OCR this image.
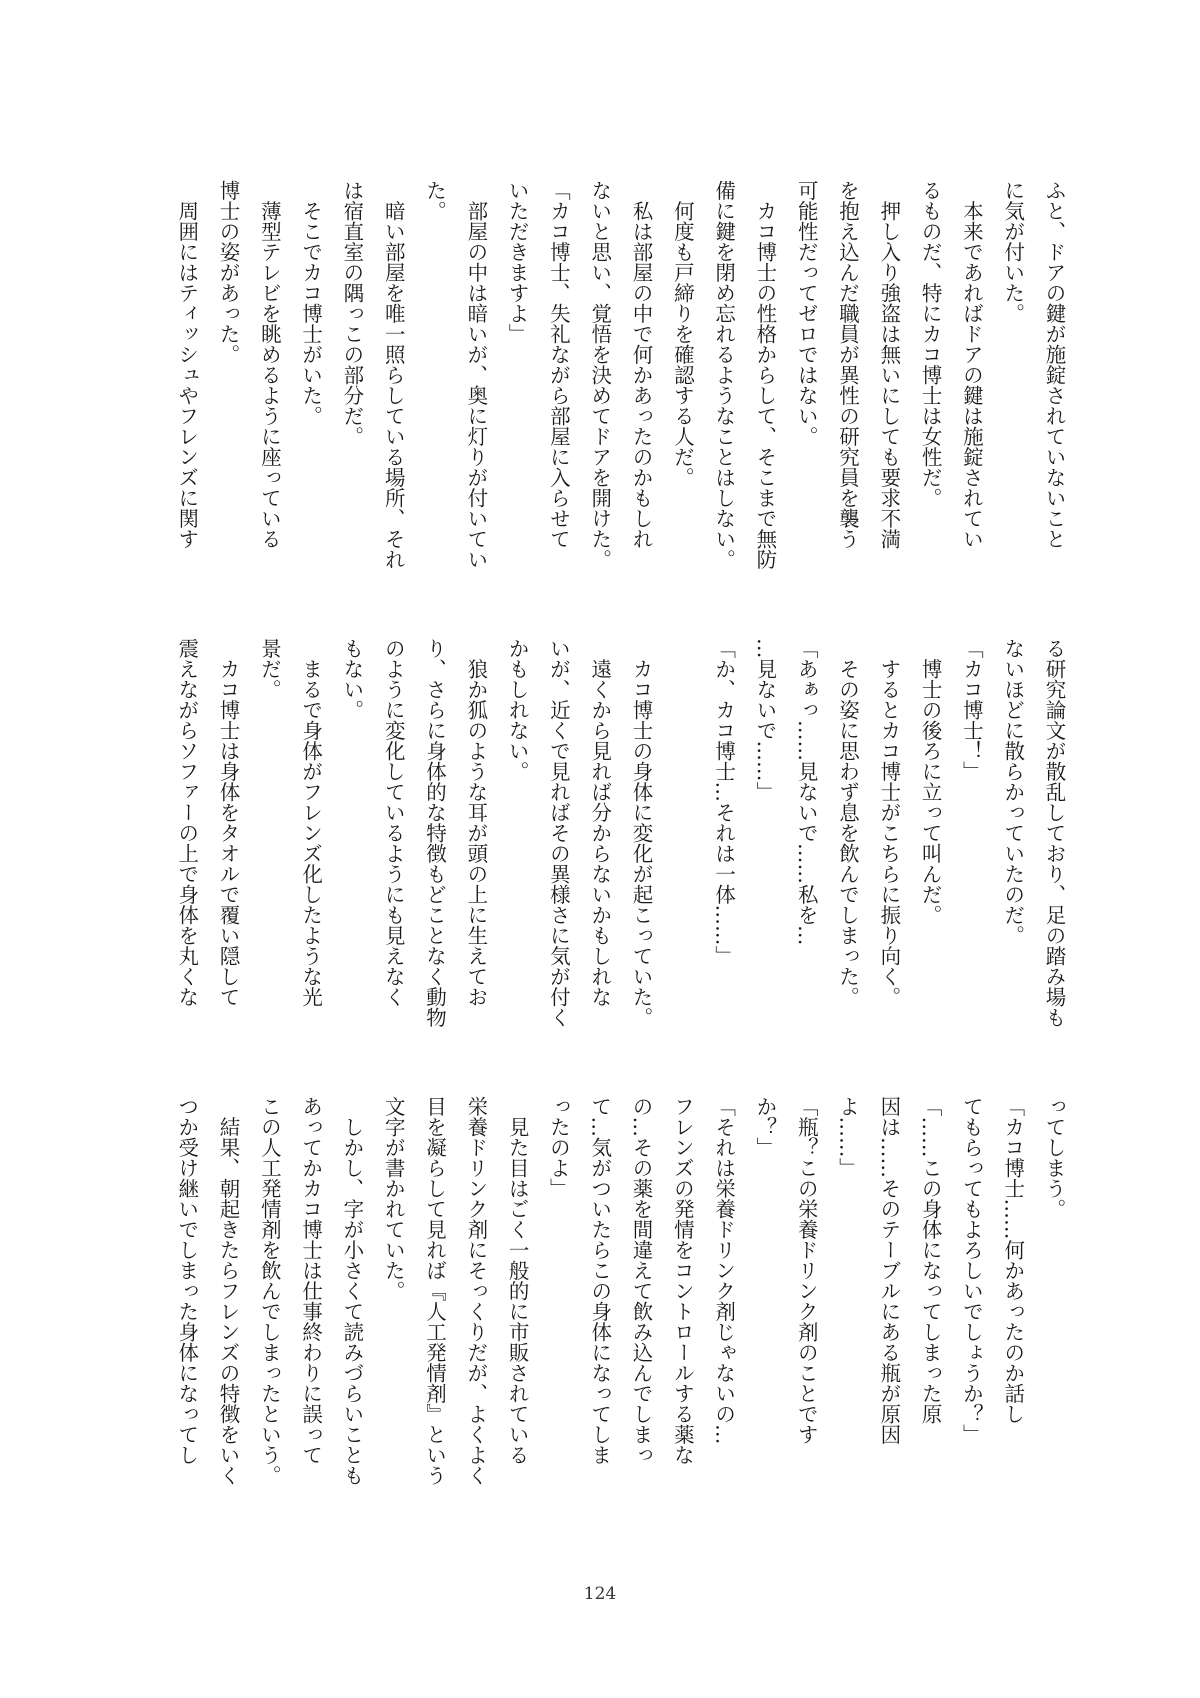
ふと、ドアの鍵が施錠されていないこと
に気が付いた。
　本来であればドアの鍵は施錠されてい
るものだ、特にカコ博士は女性だ。
　押し入り強盗は無いにしても要求不満
を抱え込んだ職員が異性の研究員を襲う
可能性だってゼロではない。
　カコ博士の性格からして、そこまで無防
備に鍵を閉め忘れるようなことはしない。
　何度も戸締りを確認する人だ。
　私は部屋の中で何かあったのかもしれ
ないと思い、覚悟を決めてドアを開けた。
「カコ博士、失礼ながら部屋に入らせて
いただきますよ」
　部屋の中は暗いが、奥に灯りが付いてい
た。
　暗い部屋を唯一照らしている場所、それ
は宿直室の隅っこの部分だ。
　そこでカコ博士がいた。
　薄型テレビを眺めるように座っている
博士の姿があった。
　周囲にはティッシュやフレンズに関す
る研究論文が散乱しており、足の踏み場も
ないほどに散らかっていたのだ。
「カコ博士！」
　博士の後ろに立って叫んだ。
　するとカコ博士がこちらに振り向く。
　その姿に思わず息を飲んでしまった。
「あぁっ……見ないで……私を…
…見ないで……」
「か、カコ博士…それは一体……」
　カコ博士の身体に変化が起こっていた。
　遠くから見れば分からないかもしれな
いが、近くで見ればその異様さに気が付く
かもしれない。
　狼か狐のような耳が頭の上に生えてお
り、さらに身体的な特徴もどことなく動物
のように変化しているようにも見えなく
もない。
　まるで身体がフレンズ化したような光
景だ。
　カコ博士は身体をタオルで覆い隠して
震えながらソファーの上で身体を丸くな
ってしまう。
「カコ博士……何かあったのか話し
てもらってもよろしいでしょうか？」
「……この身体になってしまった原
因は……そのテーブルにある瓶が原因
よ……」
「瓶？この栄養ドリンク剤のことです
か？」
「それは栄養ドリンク剤じゃないの…
フレンズの発情をコントロールする薬な
の…その薬を間違えて飲み込んでしまっ
て…気がついたらこの身体になってしま
ったのよ」
　見た目はごく一般的に市販されている
栄養ドリンク剤にそっくりだが、よくよく
目を凝らして見れば『人工発情剤』という
文字が書かれていた。
　しかし、字が小さくて読みづらいことも
あってかカコ博士は仕事終わりに誤って
この人工発情剤を飲んでしまったという。
　結果、朝起きたらフレンズの特徴をいく
つか受け継いでしまった身体になってし
124
